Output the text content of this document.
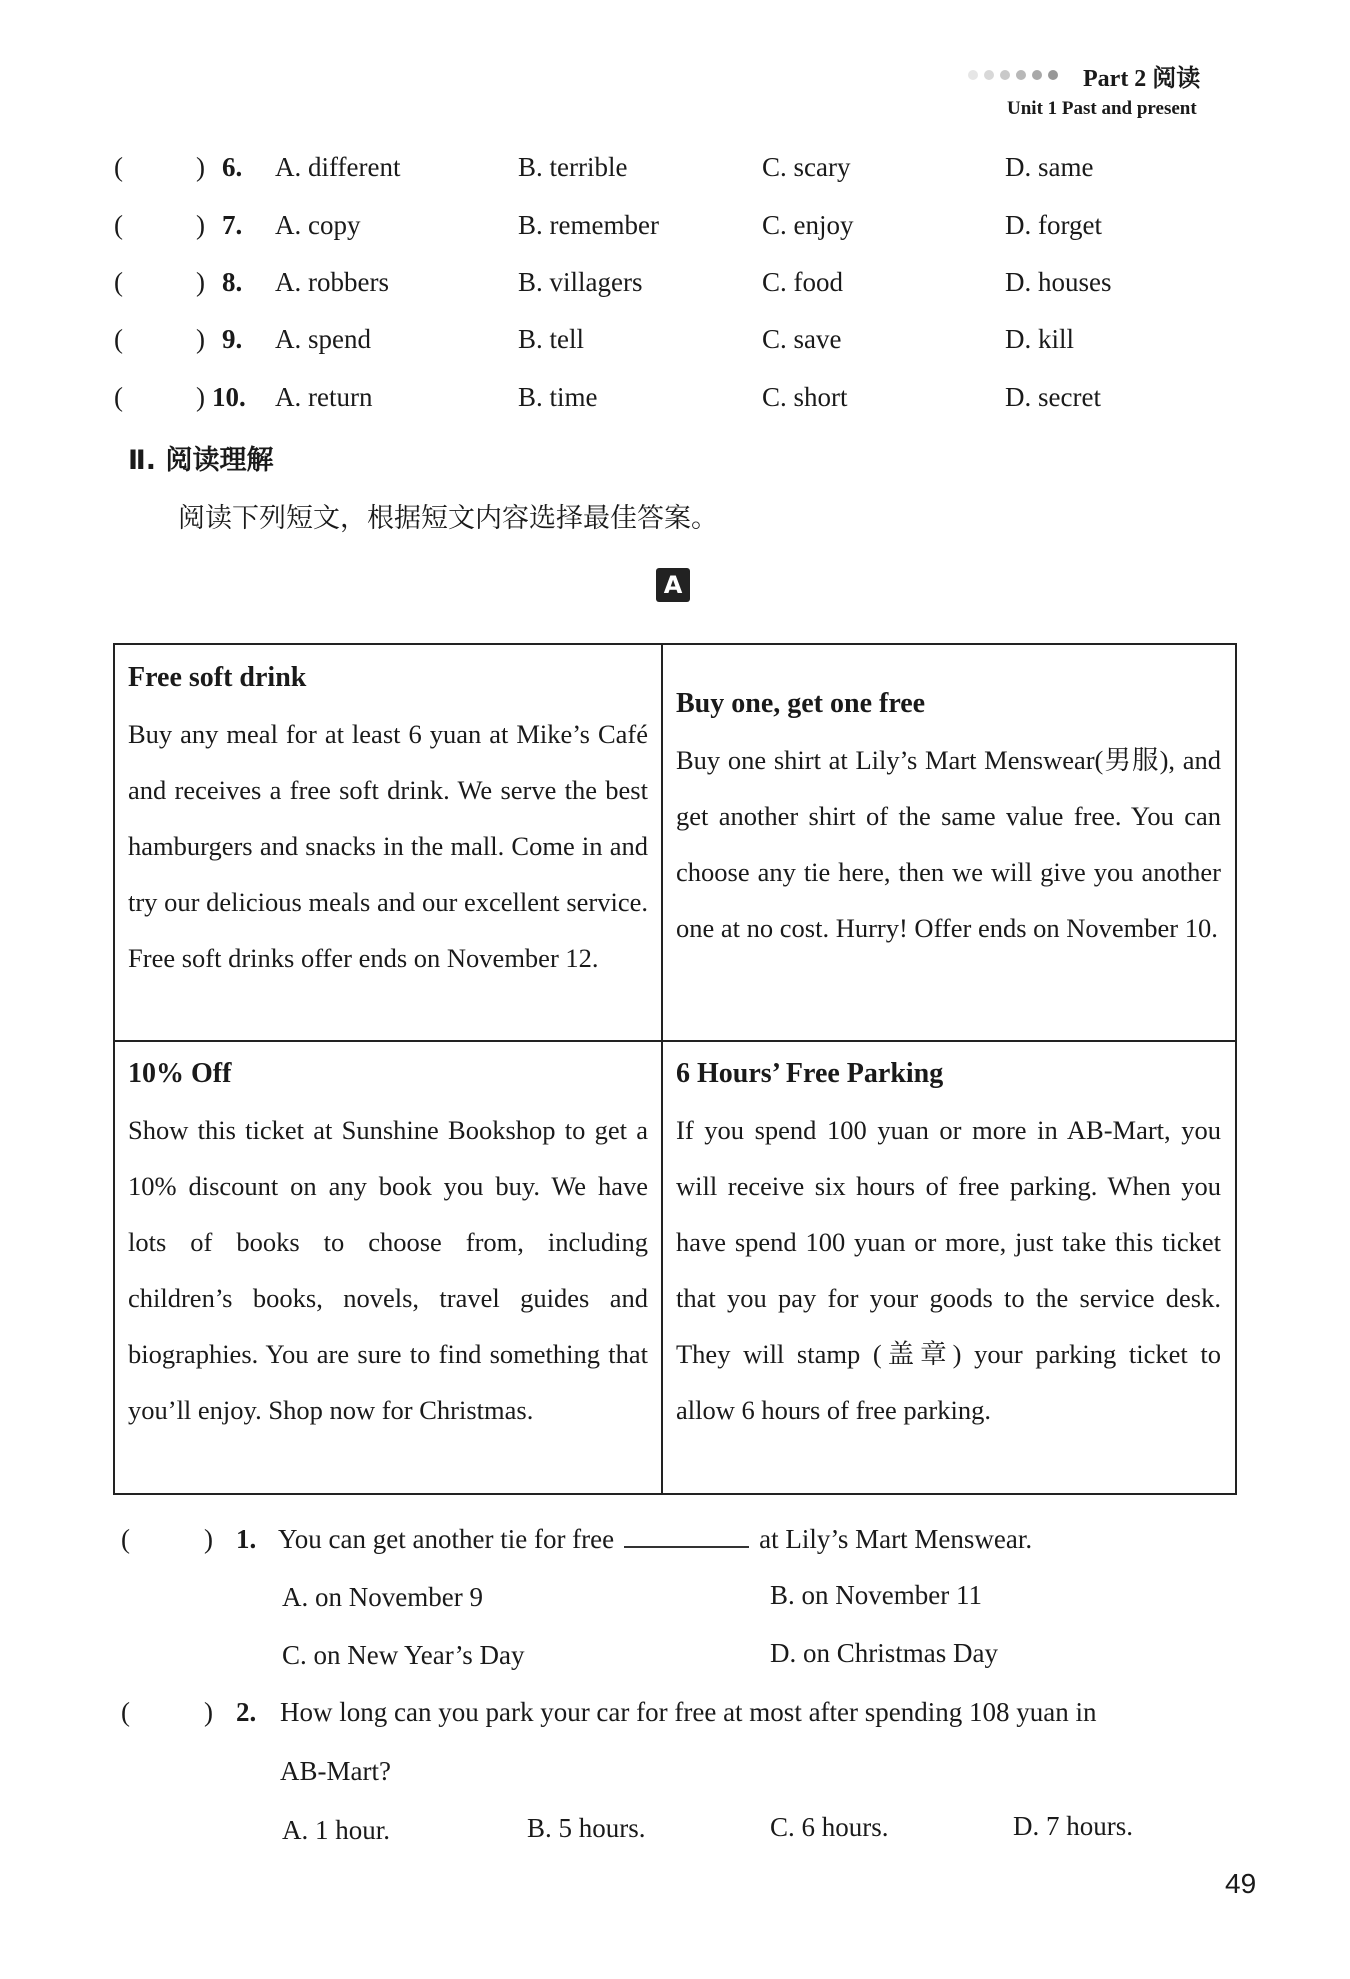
Part 2 阅读
Unit 1 Past and present
(	) 6. A. different	B. terrible	C. scary	D. same
(	) 7. A. copy	B. remember	C. enjoy	D. forget
(	) 8. A. robbers	B. villagers	C. food	D. houses
(	) 9. A. spend	B. tell	C. save	D. kill
(	) 10. A. return	B. time	C. short	D. secret
Ⅱ. 阅读理解
阅读下列短文，根据短文内容选择最佳答案。
A
Free soft drink
Buy any meal for at least 6 yuan at Mike’s Café and receives a free soft drink. We serve the best hamburgers and snacks in the mall. Come in and try our delicious meals and our excellent service. Free soft drinks offer ends on November 12.
Buy one, get one free
Buy one shirt at Lily’s Mart Menswear(男服), and get another shirt of the same value free. You can choose any tie here, then we will give you another one at no cost. Hurry! Offer ends on November 10.
10% Off
Show this ticket at Sunshine Bookshop to get a 10% discount on any book you buy. We have lots of books to choose from, including children’s books, novels, travel guides and biographies. You are sure to find something that you’ll enjoy. Shop now for Christmas.
6 Hours’ Free Parking
If you spend 100 yuan or more in AB-Mart, you will receive six hours of free parking. When you have spend 100 yuan or more, just take this ticket that you pay for your goods to the service desk. They will stamp (盖章) your parking ticket to allow 6 hours of free parking.
(	) 1. You can get another tie for free	at Lily’s Mart Menswear.
A. on November 9	B. on November 11
C. on New Year’s Day	D. on Christmas Day
(	) 2. How long can you park your car for free at most after spending 108 yuan in
AB-Mart?
A. 1 hour.	B. 5 hours.	C. 6 hours.	D. 7 hours.
49
